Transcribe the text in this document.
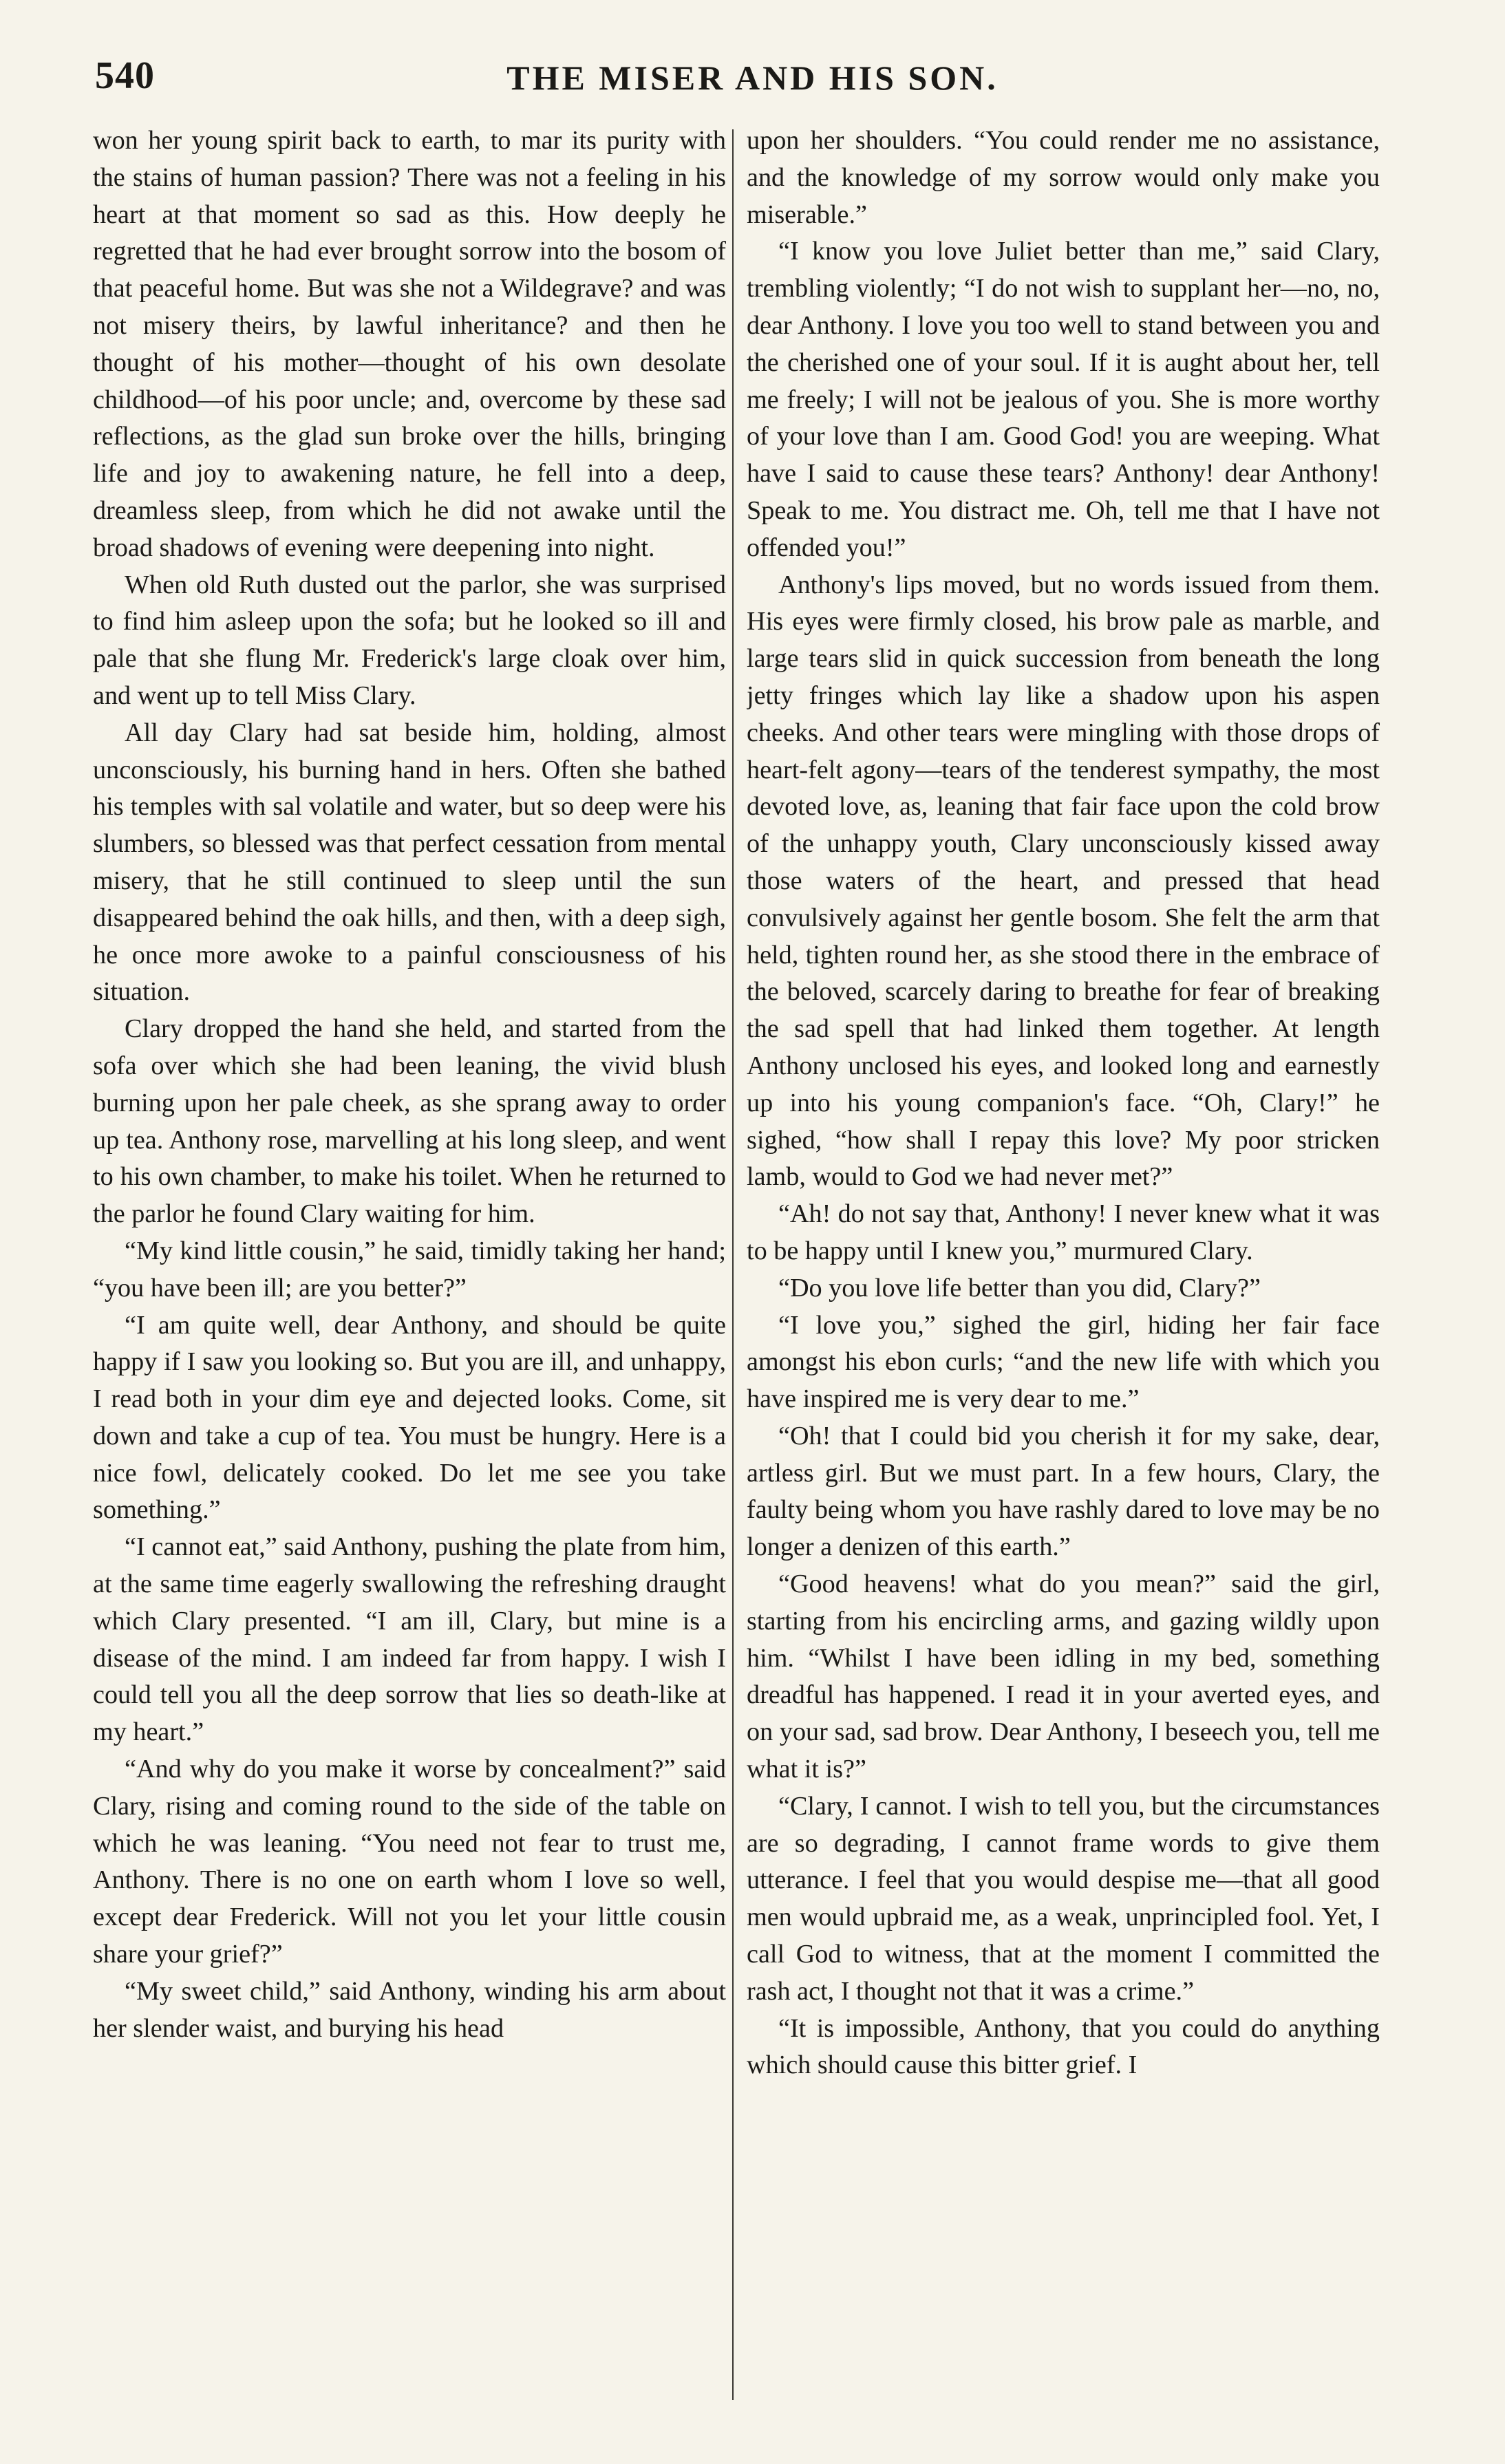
540	THE MISER AND HIS SON.

won her young spirit back to earth, to mar its purity with the stains of human passion? There was not a feeling in his heart at that moment so sad as this. How deeply he regretted that he had ever brought sorrow into the bosom of that peaceful home. But was she not a Wildegrave? and was not misery theirs, by lawful inheritance? and then he thought of his mother—thought of his own desolate childhood—of his poor uncle; and, overcome by these sad reflections, as the glad sun broke over the hills, bringing life and joy to awakening nature, he fell into a deep, dreamless sleep, from which he did not awake until the broad shadows of evening were deepening into night.

When old Ruth dusted out the parlor, she was surprised to find him asleep upon the sofa; but he looked so ill and pale that she flung Mr. Frederick's large cloak over him, and went up to tell Miss Clary.

All day Clary had sat beside him, holding, almost unconsciously, his burning hand in hers. Often she bathed his temples with sal volatile and water, but so deep were his slumbers, so blessed was that perfect cessation from mental misery, that he still continued to sleep until the sun disappeared behind the oak hills, and then, with a deep sigh, he once more awoke to a painful consciousness of his situation.

Clary dropped the hand she held, and started from the sofa over which she had been leaning, the vivid blush burning upon her pale cheek, as she sprang away to order up tea. Anthony rose, marvelling at his long sleep, and went to his own chamber, to make his toilet. When he returned to the parlor he found Clary waiting for him.

“My kind little cousin,” he said, timidly taking her hand; “you have been ill; are you better?”

“I am quite well, dear Anthony, and should be quite happy if I saw you looking so. But you are ill, and unhappy, I read both in your dim eye and dejected looks. Come, sit down and take a cup of tea. You must be hungry. Here is a nice fowl, delicately cooked. Do let me see you take something.”

“I cannot eat,” said Anthony, pushing the plate from him, at the same time eagerly swallowing the refreshing draught which Clary presented. “I am ill, Clary, but mine is a disease of the mind. I am indeed far from happy. I wish I could tell you all the deep sorrow that lies so death-like at my heart.”

“And why do you make it worse by concealment?” said Clary, rising and coming round to the side of the table on which he was leaning. “You need not fear to trust me, Anthony. There is no one on earth whom I love so well, except dear Frederick. Will not you let your little cousin share your grief?”

“My sweet child,” said Anthony, winding his arm about her slender waist, and burying his head

upon her shoulders. “You could render me no assistance, and the knowledge of my sorrow would only make you miserable.”

“I know you love Juliet better than me,” said Clary, trembling violently; “I do not wish to supplant her—no, no, dear Anthony. I love you too well to stand between you and the cherished one of your soul. If it is aught about her, tell me freely; I will not be jealous of you. She is more worthy of your love than I am. Good God! you are weeping. What have I said to cause these tears? Anthony! dear Anthony! Speak to me. You distract me. Oh, tell me that I have not offended you!”

Anthony's lips moved, but no words issued from them. His eyes were firmly closed, his brow pale as marble, and large tears slid in quick succession from beneath the long jetty fringes which lay like a shadow upon his aspen cheeks. And other tears were mingling with those drops of heart-felt agony—tears of the tenderest sympathy, the most devoted love, as, leaning that fair face upon the cold brow of the unhappy youth, Clary unconsciously kissed away those waters of the heart, and pressed that head convulsively against her gentle bosom. She felt the arm that held, tighten round her, as she stood there in the embrace of the beloved, scarcely daring to breathe for fear of breaking the sad spell that had linked them together. At length Anthony unclosed his eyes, and looked long and earnestly up into his young companion's face. “Oh, Clary!” he sighed, “how shall I repay this love? My poor stricken lamb, would to God we had never met?”

“Ah! do not say that, Anthony! I never knew what it was to be happy until I knew you,” murmured Clary.

“Do you love life better than you did, Clary?”

“I love you,” sighed the girl, hiding her fair face amongst his ebon curls; “and the new life with which you have inspired me is very dear to me.”

“Oh! that I could bid you cherish it for my sake, dear, artless girl. But we must part. In a few hours, Clary, the faulty being whom you have rashly dared to love may be no longer a denizen of this earth.”

“Good heavens! what do you mean?” said the girl, starting from his encircling arms, and gazing wildly upon him. “Whilst I have been idling in my bed, something dreadful has happened. I read it in your averted eyes, and on your sad, sad brow. Dear Anthony, I beseech you, tell me what it is?”

“Clary, I cannot. I wish to tell you, but the circumstances are so degrading, I cannot frame words to give them utterance. I feel that you would despise me—that all good men would upbraid me, as a weak, unprincipled fool. Yet, I call God to witness, that at the moment I committed the rash act, I thought not that it was a crime.”

“It is impossible, Anthony, that you could do anything which should cause this bitter grief. I
